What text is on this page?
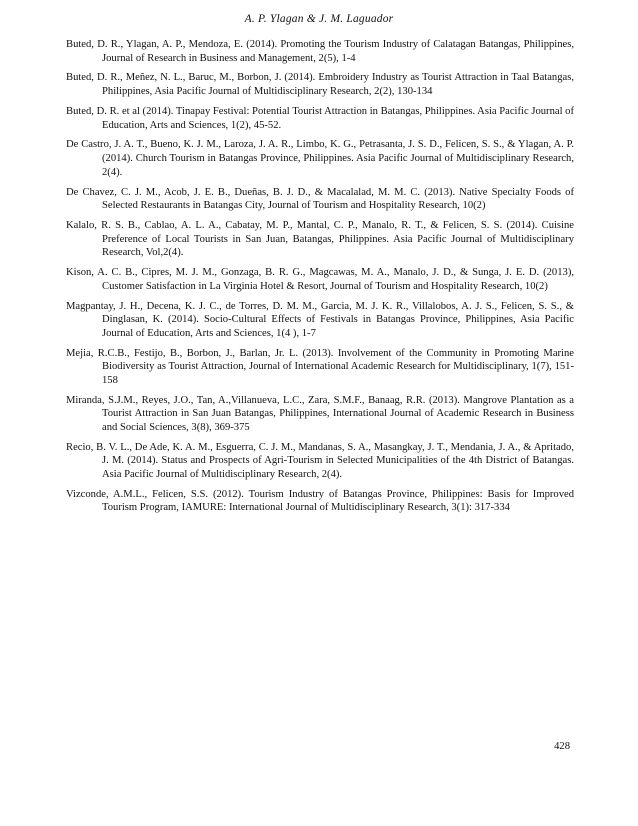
A. P. Ylagan & J. M. Laguador
Buted, D. R., Ylagan, A. P., Mendoza, E. (2014). Promoting the Tourism Industry of Calatagan Batangas, Philippines, Journal of Research in Business and Management, 2(5), 1-4
Buted, D. R., Meñez, N. L., Baruc, M., Borbon, J. (2014). Embroidery Industry as Tourist Attraction in Taal Batangas, Philippines, Asia Pacific Journal of Multidisciplinary Research, 2(2), 130-134
Buted, D. R. et al (2014). Tinapay Festival: Potential Tourist Attraction in Batangas, Philippines. Asia Pacific Journal of Education, Arts and Sciences, 1(2), 45-52.
De Castro, J. A. T., Bueno, K. J. M., Laroza, J. A. R., Limbo, K. G., Petrasanta, J. S. D., Felicen, S. S., & Ylagan, A. P. (2014). Church Tourism in Batangas Province, Philippines. Asia Pacific Journal of Multidisciplinary Research, 2(4).
De Chavez, C. J. M., Acob, J. E. B., Dueñas, B. J. D., & Macalalad, M. M. C. (2013). Native Specialty Foods of Selected Restaurants in Batangas City, Journal of Tourism and Hospitality Research, 10(2)
Kalalo, R. S. B., Cablao, A. L. A., Cabatay, M. P., Mantal, C. P., Manalo, R. T., & Felicen, S. S. (2014). Cuisine Preference of Local Tourists in San Juan, Batangas, Philippines. Asia Pacific Journal of Multidisciplinary Research, Vol,2(4).
Kison, A. C. B., Cipres, M. J. M., Gonzaga, B. R. G., Magcawas, M. A., Manalo, J. D., & Sunga, J. E. D. (2013), Customer Satisfaction in La Virginia Hotel & Resort, Journal of Tourism and Hospitality Research, 10(2)
Magpantay, J. H., Decena, K. J. C., de Torres, D. M. M., Garcia, M. J. K. R., Villalobos, A. J. S., Felicen, S. S., & Dinglasan, K. (2014). Socio-Cultural Effects of Festivals in Batangas Province, Philippines, Asia Pacific Journal of Education, Arts and Sciences, 1(4 ), 1-7
Mejia, R.C.B., Festijo, B., Borbon, J., Barlan, Jr. L. (2013). Involvement of the Community in Promoting Marine Biodiversity as Tourist Attraction, Journal of International Academic Research for Multidisciplinary, 1(7), 151-158
Miranda, S.J.M., Reyes, J.O., Tan, A.,Villanueva, L.C., Zara, S.M.F., Banaag, R.R. (2013). Mangrove Plantation as a Tourist Attraction in San Juan Batangas, Philippines, International Journal of Academic Research in Business and Social Sciences, 3(8), 369-375
Recio, B. V. L., De Ade, K. A. M., Esguerra, C. J. M., Mandanas, S. A., Masangkay, J. T., Mendania, J. A., & Apritado, J. M. (2014). Status and Prospects of Agri-Tourism in Selected Municipalities of the 4th District of Batangas. Asia Pacific Journal of Multidisciplinary Research, 2(4).
Vizconde, A.M.L., Felicen, S.S. (2012). Tourism Industry of Batangas Province, Philippines: Basis for Improved Tourism Program, IAMURE: International Journal of Multidisciplinary Research, 3(1): 317-334
428
